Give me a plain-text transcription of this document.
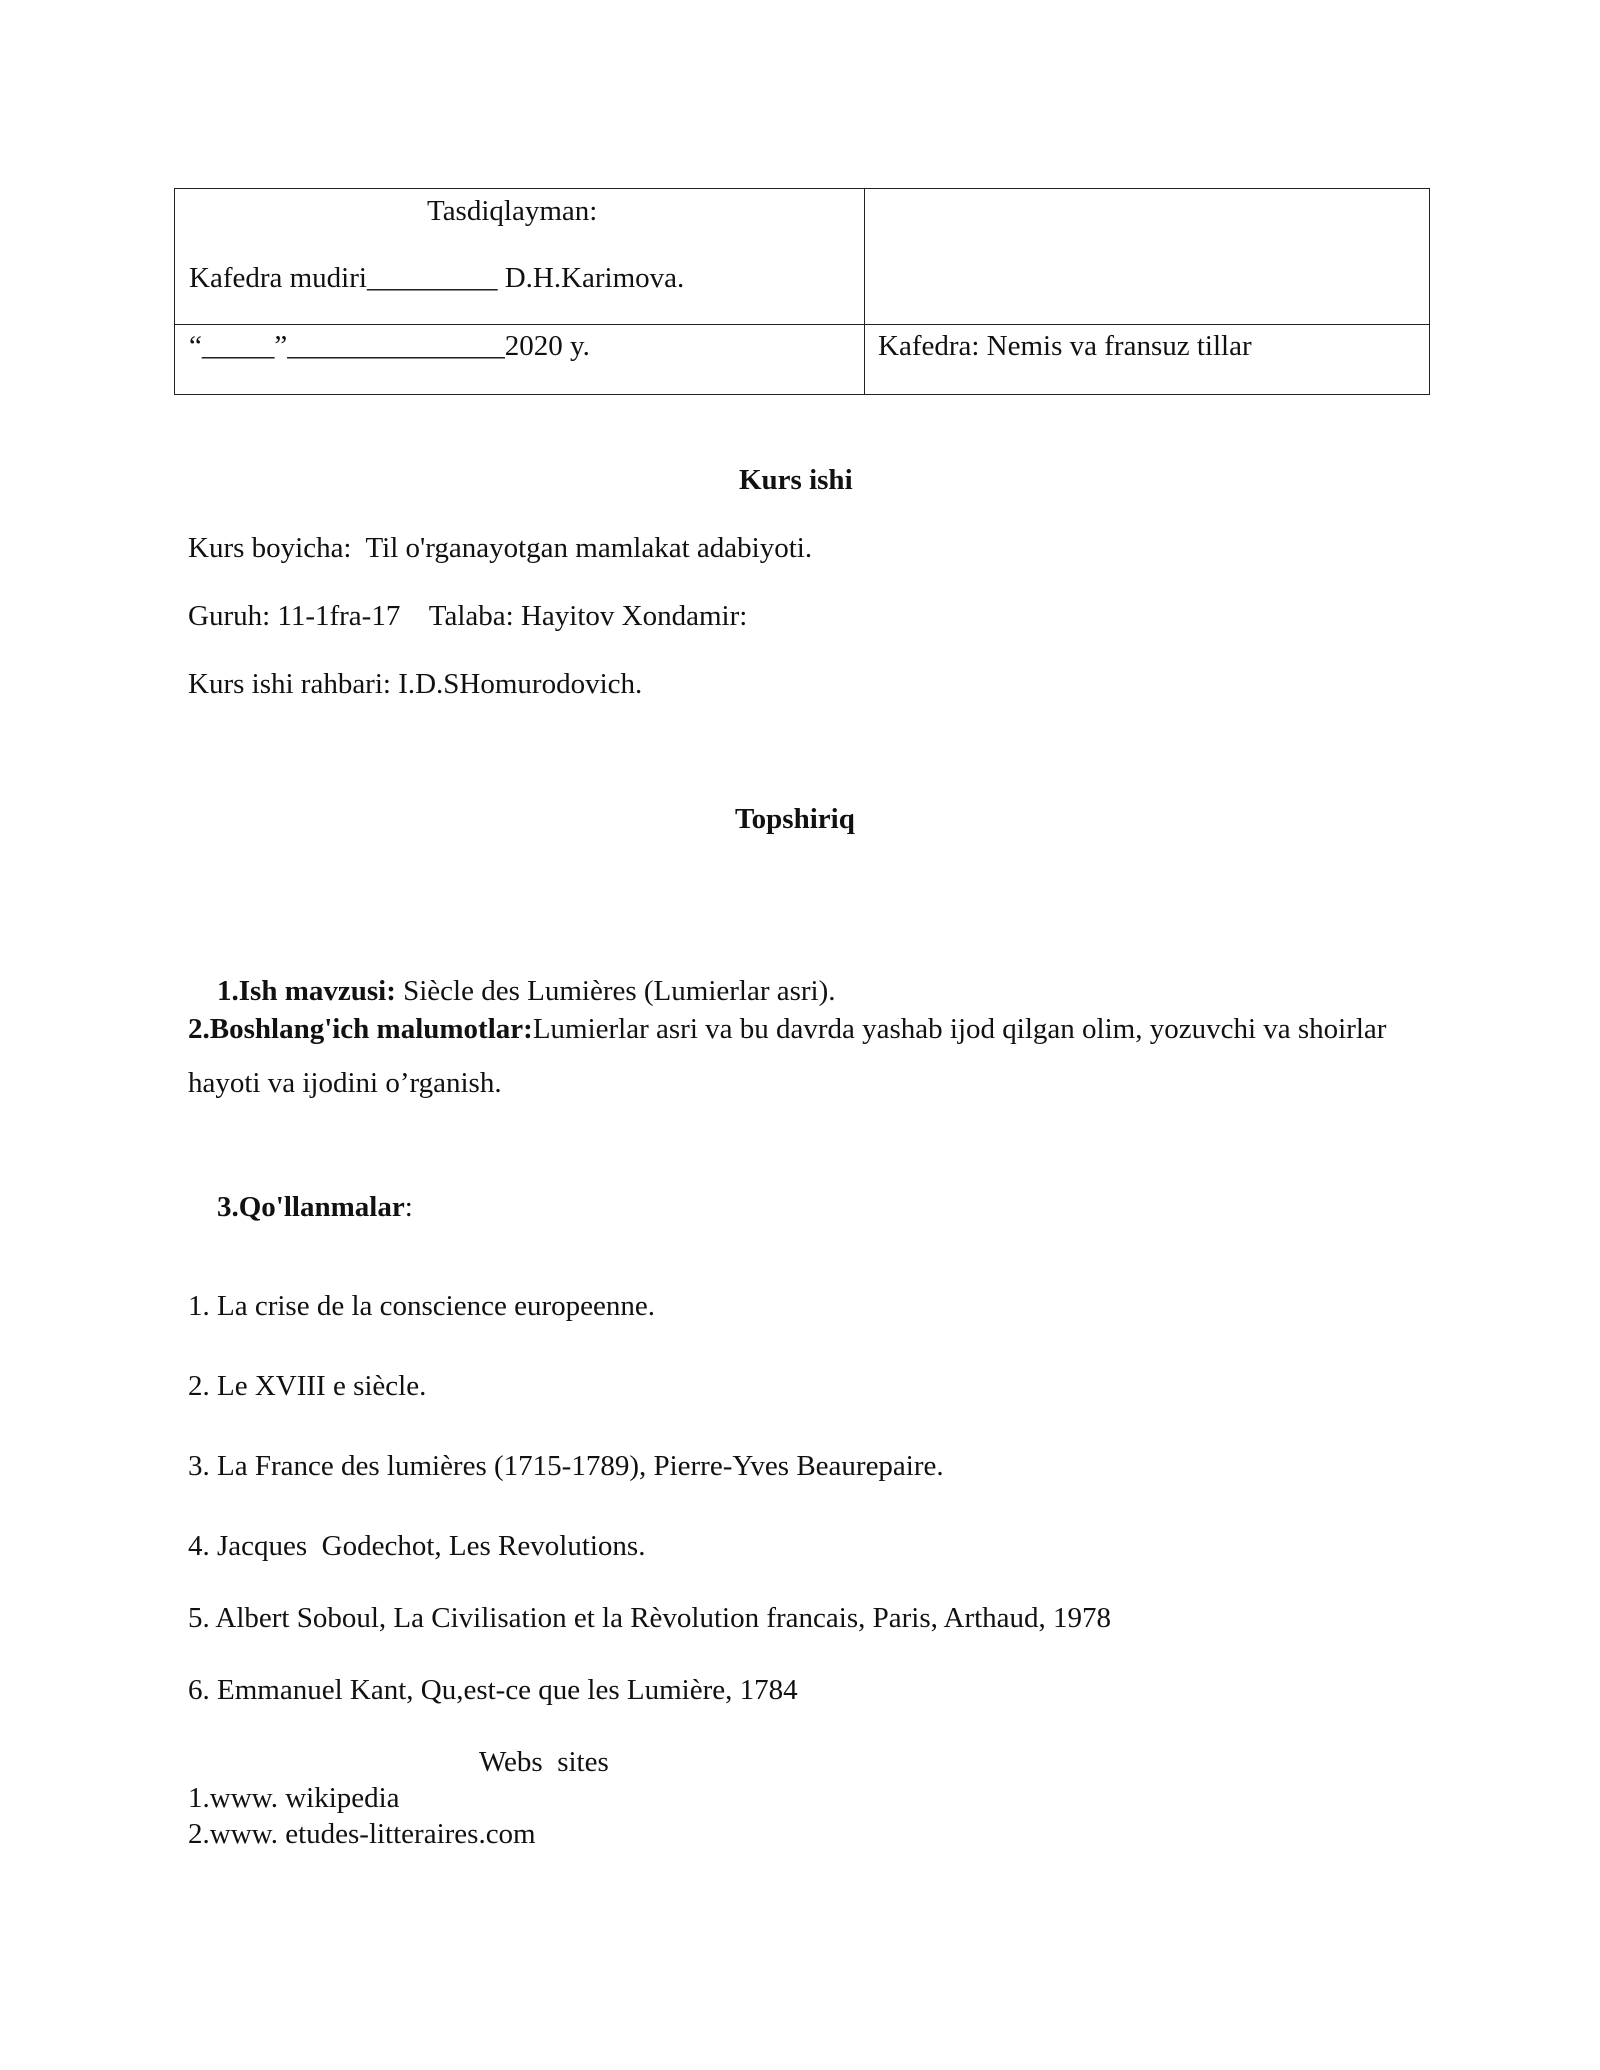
Tasdiqlayman:
Kafedra mudiri_________ D.H.Karimova.	

“_____”_______________2020 y.	Kafedra: Nemis va fransuz tillar
Kurs ishi
Kurs boyicha:  Til o'rganayotgan mamlakat adabiyoti.
Guruh: 11-1fra-17    Talaba: Hayitov Xondamir:
Kurs ishi rahbari: I.D.SHomurodovich.
Topshiriq

1.Ish mavzusi: Siècle des Lumières (Lumierlar asri).

2.Boshlang'ich malumotlar:Lumierlar asri va bu davrda yashab ijod qilgan olim, yozuvchi va shoirlar hayoti va ijodini o’rganish.

3.Qo'llanmalar:

1. La crise de la conscience europeenne.
2. Le XVIII e siècle.
3. La France des lumières (1715-1789), Pierre-Yves Beaurepaire.
4. Jacques  Godechot, Les Revolutions.
5. Albert Soboul, La Civilisation et la Rèvolution francais, Paris, Arthaud, 1978
6. Emmanuel Kant, Qu,est-ce que les Lumière, 1784
Webs  sites
1.www. wikipedia
2.www. etudes-litteraires.com
